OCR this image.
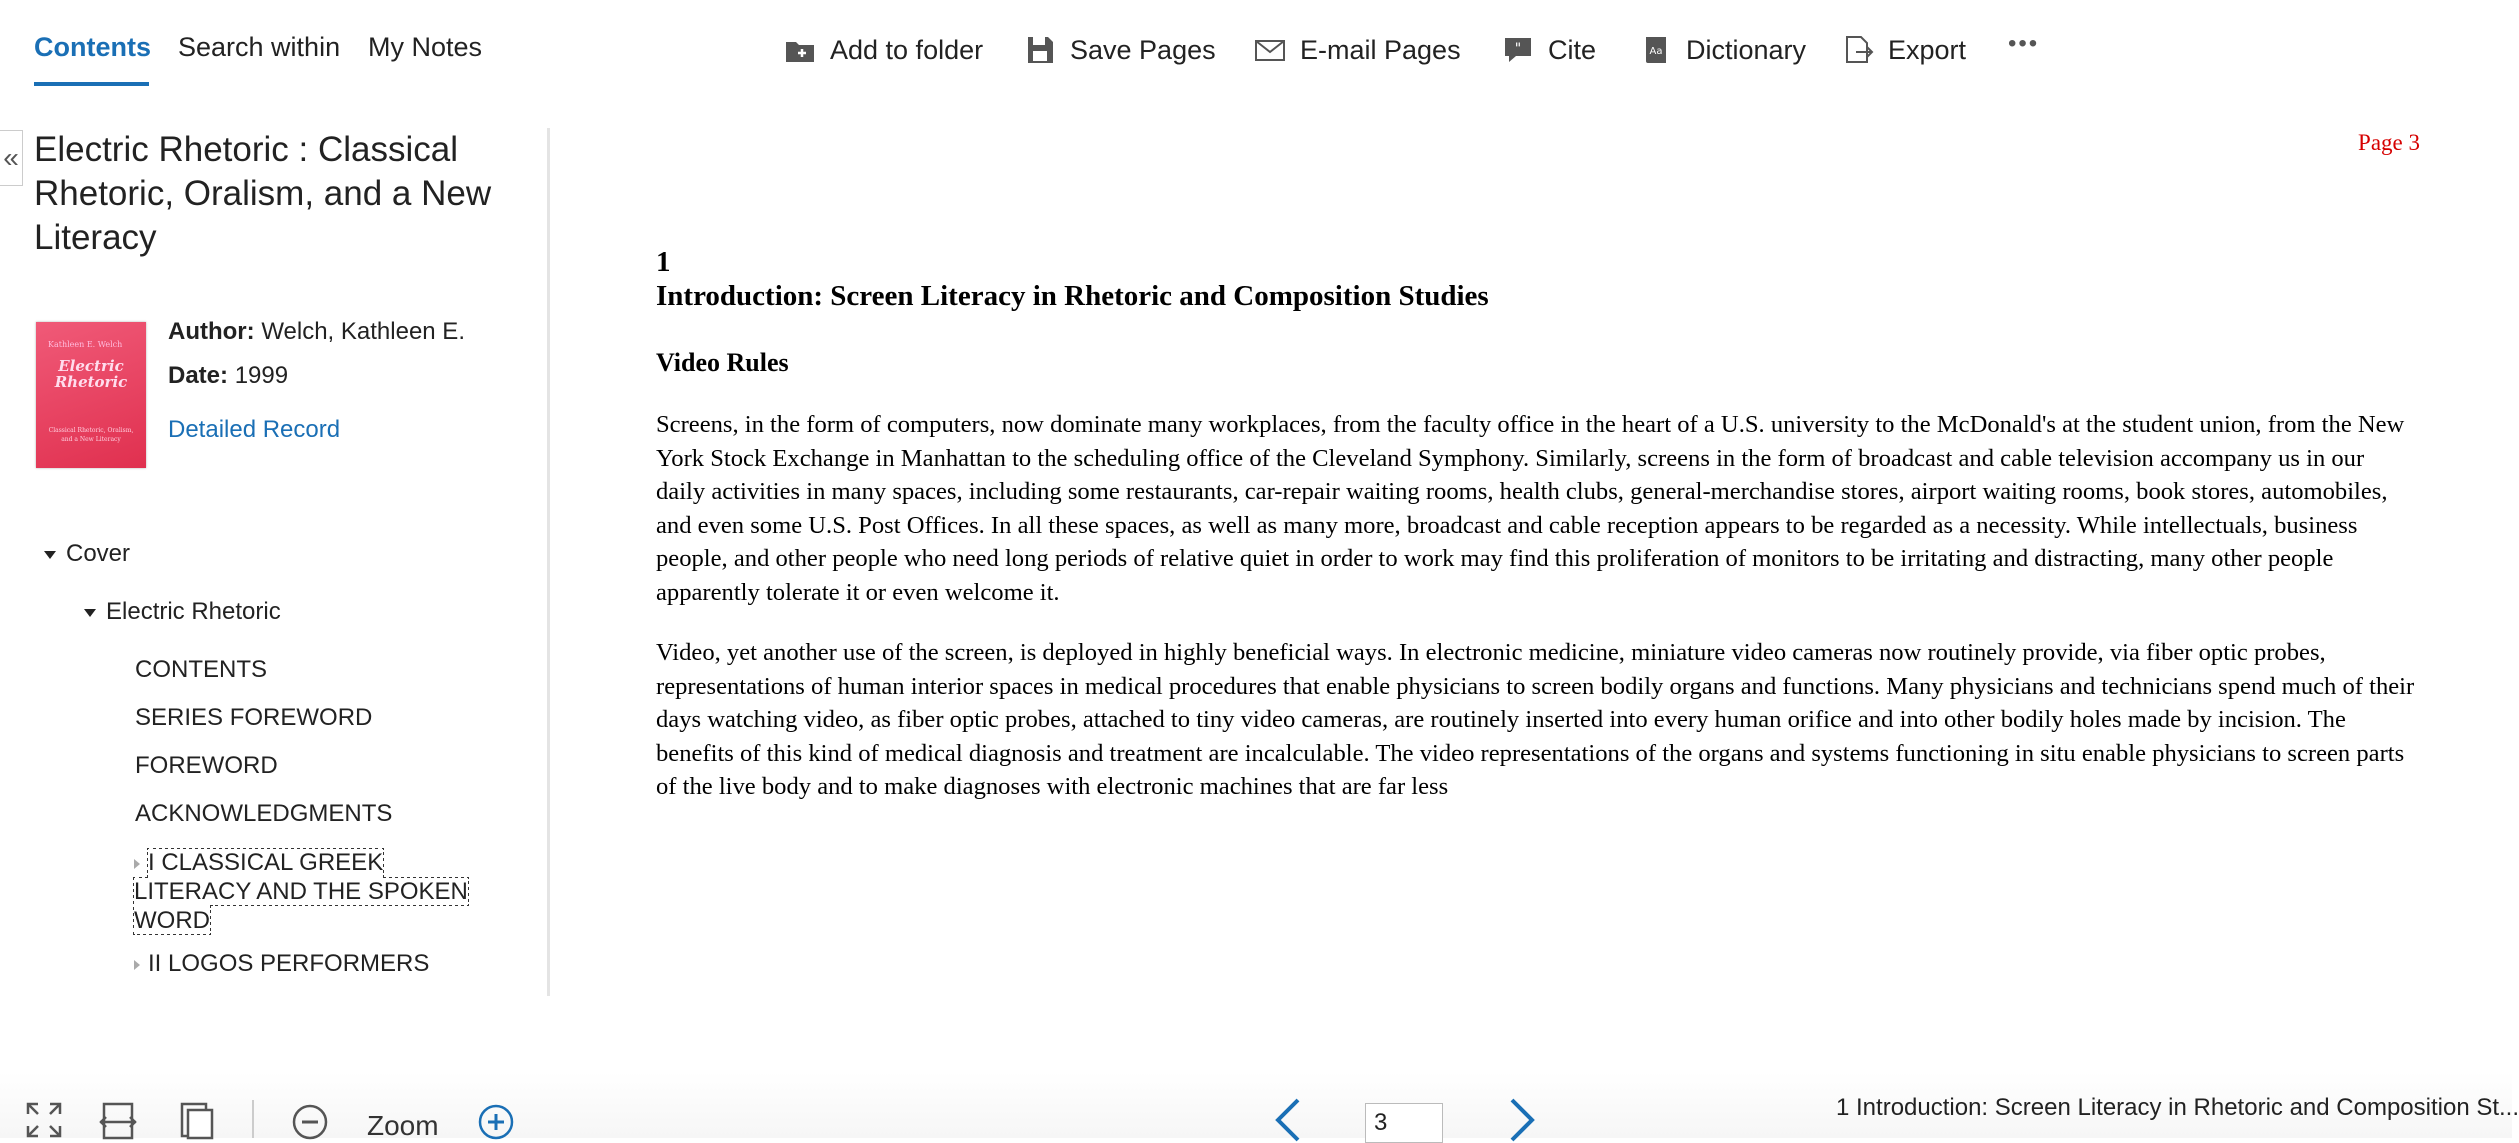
Contents Search within My Notes	Add to folder	Save Pages	E-mail Pages	" Cite	Aa Dictionary	Export •••
« Electric Rhetoric : Classical Rhetoric, Oralism, and a New Literacy
Kathleen E. Welch
Electric Rhetoric
Classical Rhetoric, Oralism, and a New Literacy
Author: Welch, Kathleen E.
Date: 1999
Detailed Record
Cover
Electric Rhetoric
CONTENTS
SERIES FOREWORD
FOREWORD
ACKNOWLEDGMENTS
I CLASSICAL GREEK LITERACY AND THE SPOKEN WORD
II LOGOS PERFORMERS
Page 3
1
Introduction: Screen Literacy in Rhetoric and Composition Studies
Video Rules
Screens, in the form of computers, now dominate many workplaces, from the faculty office in the heart of a U.S. university to the McDonald's at the student union, from the New York Stock Exchange in Manhattan to the scheduling office of the Cleveland Symphony. Similarly, screens in the form of broadcast and cable television accompany us in our daily activities in many spaces, including some restaurants, car-repair waiting rooms, health clubs, general-merchandise stores, airport waiting rooms, book stores, automobiles, and even some U.S. Post Offices. In all these spaces, as well as many more, broadcast and cable reception appears to be regarded as a necessity. While intellectuals, business people, and other people who need long periods of relative quiet in order to work may find this proliferation of monitors to be irritating and distracting, many other people apparently tolerate it or even welcome it.
Video, yet another use of the screen, is deployed in highly beneficial ways. In electronic medicine, miniature video cameras now routinely provide, via fiber optic probes, representations of human interior spaces in medical procedures that enable physicians to screen bodily organs and functions. Many physicians and technicians spend much of their days watching video, as fiber optic probes, attached to tiny video cameras, are routinely inserted into every human orifice and into other bodily holes made by incision. The benefits of this kind of medical diagnosis and treatment are incalculable. The video representations of the organs and systems functioning in situ enable physicians to screen parts of the live body and to make diagnoses with electronic machines that are far less
Zoom
3
1 Introduction: Screen Literacy in Rhetoric and Composition St...
